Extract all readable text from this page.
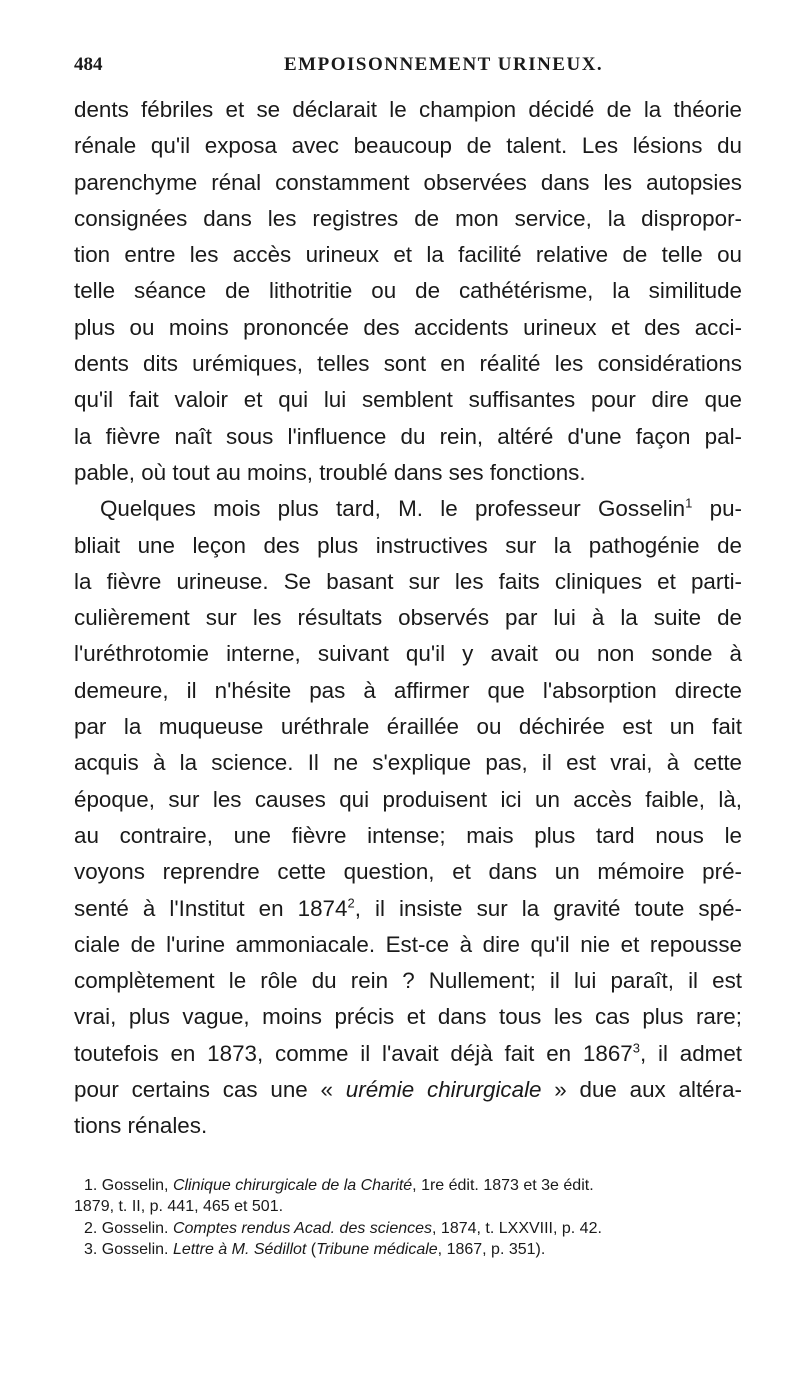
484	EMPOISONNEMENT URINEUX.

dents fébriles et se déclarait le champion décidé de la théorie
rénale qu'il exposa avec beaucoup de talent. Les lésions du
parenchyme rénal constamment observées dans les autopsies
consignées dans les registres de mon service, la dispropor-
tion entre les accès urineux et la facilité relative de telle ou
telle séance de lithotritie ou de cathétérisme, la similitude
plus ou moins prononcée des accidents urineux et des acci-
dents dits urémiques, telles sont en réalité les considérations
qu'il fait valoir et qui lui semblent suffisantes pour dire que
la fièvre naît sous l'influence du rein, altéré d'une façon pal-
pable, où tout au moins, troublé dans ses fonctions.

Quelques mois plus tard, M. le professeur Gosselin$^1$ pu-
bliait une leçon des plus instructives sur la pathogénie de
la fièvre urineuse. Se basant sur les faits cliniques et parti-
culièrement sur les résultats observés par lui à la suite de
l'uréthrotomie interne, suivant qu'il y avait ou non sonde à
demeure, il n'hésite pas à affirmer que l'absorption directe
par la muqueuse uréthrale éraillée ou déchirée est un fait
acquis à la science. Il ne s'explique pas, il est vrai, à cette
époque, sur les causes qui produisent ici un accès faible, là,
au contraire, une fièvre intense; mais plus tard nous le
voyons reprendre cette question, et dans un mémoire pré-
senté à l'Institut en 1874$^2$, il insiste sur la gravité toute spé-
ciale de l'urine ammoniacale. Est-ce à dire qu'il nie et repousse
complètement le rôle du rein ? Nullement; il lui paraît, il est
vrai, plus vague, moins précis et dans tous les cas plus rare;
toutefois en 1873, comme il l'avait déjà fait en 1867$^3$, il admet
pour certains cas une « urémie chirurgicale » due aux altéra-
tions rénales.

1. Gosselin, Clinique chirurgicale de la Charité, 1re édit. 1873 et 3e édit.
1879, t. II, p. 441, 465 et 501.

2. Gosselin. Comptes rendus Acad. des sciences, 1874, t. LXXVIII, p. 42.

3. Gosselin. Lettre à M. Sédillot (Tribune médicale, 1867, p. 351).
